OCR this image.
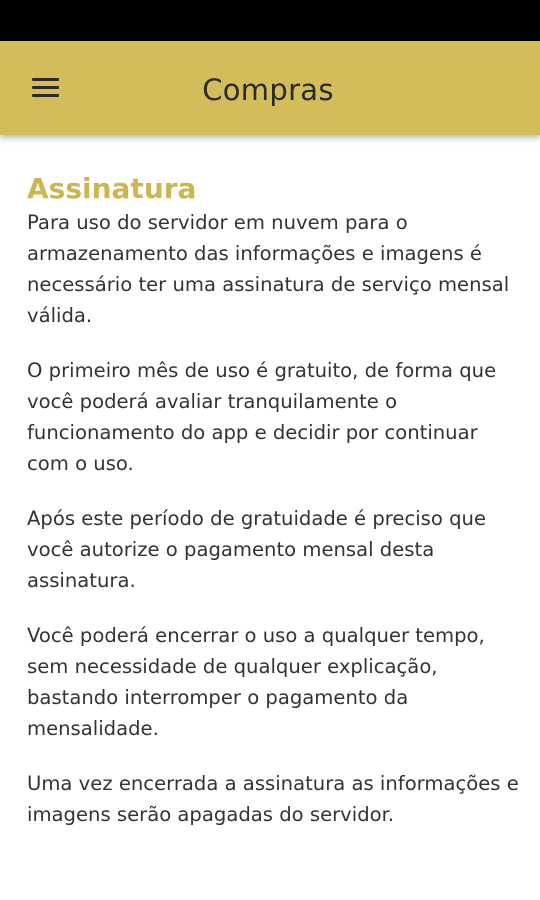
Compras
Assinatura

Para uso do servidor em nuvem para o armazenamento das informações e imagens é necessário ter uma assinatura de serviço mensal válida.

O primeiro mês de uso é gratuito, de forma que você poderá avaliar tranquilamente o funcionamento do app e decidir por continuar com o uso.

Após este período de gratuidade é preciso que você autorize o pagamento mensal desta assinatura.

Você poderá encerrar o uso a qualquer tempo, sem necessidade de qualquer explicação, bastando interromper o pagamento da mensalidade.

Uma vez encerrada a assinatura as informações e imagens serão apagadas do servidor.
